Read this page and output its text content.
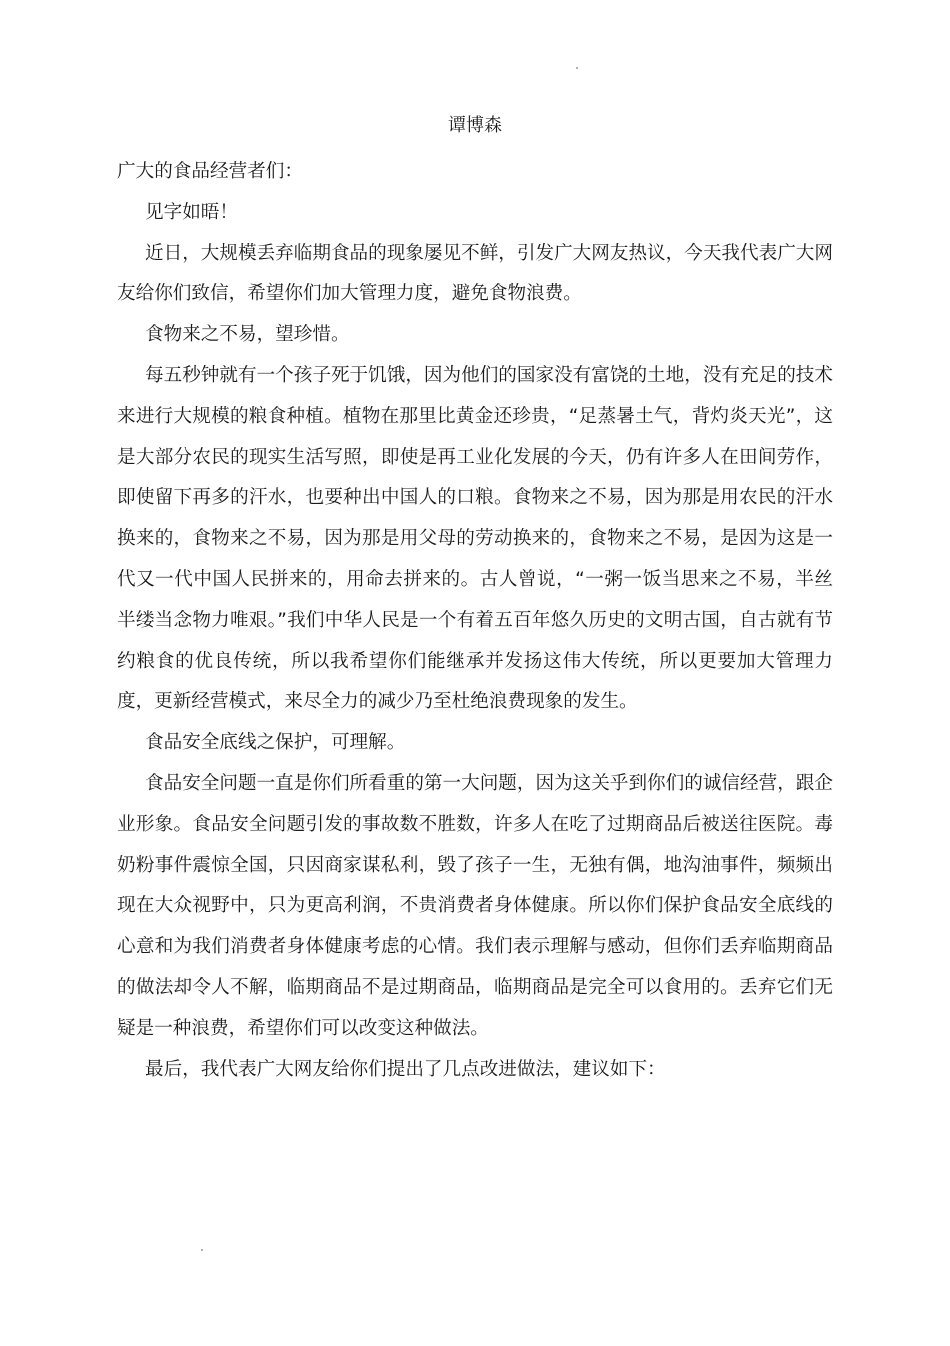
谭博森

广大的食品经营者们：

见字如晤！

近日，大规模丢弃临期食品的现象屡见不鲜，引发广大网友热议，今天我代表广大网友给你们致信，希望你们加大管理力度，避免食物浪费。

食物来之不易，望珍惜。

每五秒钟就有一个孩子死于饥饿，因为他们的国家没有富饶的土地，没有充足的技术来进行大规模的粮食种植。植物在那里比黄金还珍贵，“足蒸暑土气，背灼炎天光”，这是大部分农民的现实生活写照，即使是再工业化发展的今天，仍有许多人在田间劳作，即使留下再多的汗水，也要种出中国人的口粮。食物来之不易，因为那是用农民的汗水换来的，食物来之不易，因为那是用父母的劳动换来的，食物来之不易，是因为这是一代又一代中国人民拼来的，用命去拼来的。古人曾说，“一粥一饭当思来之不易，半丝半缕当念物力唯艰。”我们中华人民是一个有着五百年悠久历史的文明古国，自古就有节约粮食的优良传统，所以我希望你们能继承并发扬这伟大传统，所以更要加大管理力度，更新经营模式，来尽全力的减少乃至杜绝浪费现象的发生。

食品安全底线之保护，可理解。

食品安全问题一直是你们所看重的第一大问题，因为这关乎到你们的诚信经营，跟企业形象。食品安全问题引发的事故数不胜数，许多人在吃了过期商品后被送往医院。毒奶粉事件震惊全国，只因商家谋私利，毁了孩子一生，无独有偶，地沟油事件，频频出现在大众视野中，只为更高利润，不贵消费者身体健康。所以你们保护食品安全底线的心意和为我们消费者身体健康考虑的心情。我们表示理解与感动，但你们丢弃临期商品的做法却令人不解，临期商品不是过期商品，临期商品是完全可以食用的。丢弃它们无疑是一种浪费，希望你们可以改变这种做法。

最后，我代表广大网友给你们提出了几点改进做法，建议如下：
